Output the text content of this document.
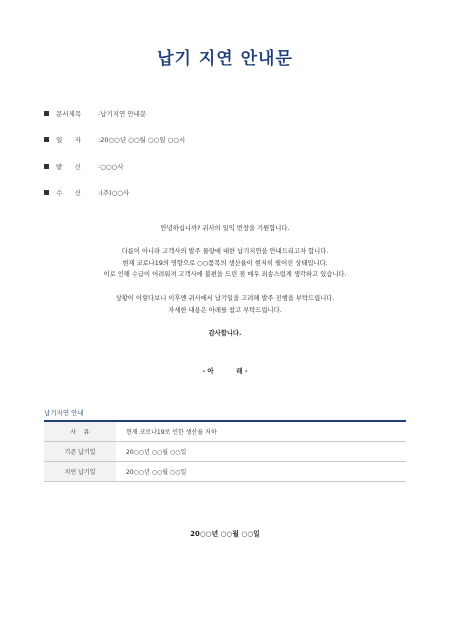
납기 지연 안내문
문서제목	: 납기지연 안내문
일      자	: 20○○년 ○○월 ○○일 ○○시
발      신	: ○○○사
수      신	: (주)○○사
안녕하십니까? 귀사의 일익 번창을 기원합니다.
다름이 아니라 고객사의 발주 물량에 대한 납기지연을 안내드리고자 합니다.
현재 코로나19의 영향으로 ○○품목의 생산율이 현저히 떨어진 상태입니다.
이로 인해 수급이 어려워져 고객사에 불편을 드린 점 매우 죄송스럽게 생각하고 있습니다.
상황이 이렇다보니 이후엔 귀사에서 납기일을 고려해 발주 진행을 부탁드립니다.
자세한 내용은 아래를 참고 부탁드립니다.
감사합니다.
- 아          래 -
납기지연 안내
사    유	현재 코로나19로 인한 생산율 저하
기존 납기일	20○○년 ○○월 ○○일
지연 납기일	20○○년 ○○월 ○○일
20○○년 ○○월 ○○일
